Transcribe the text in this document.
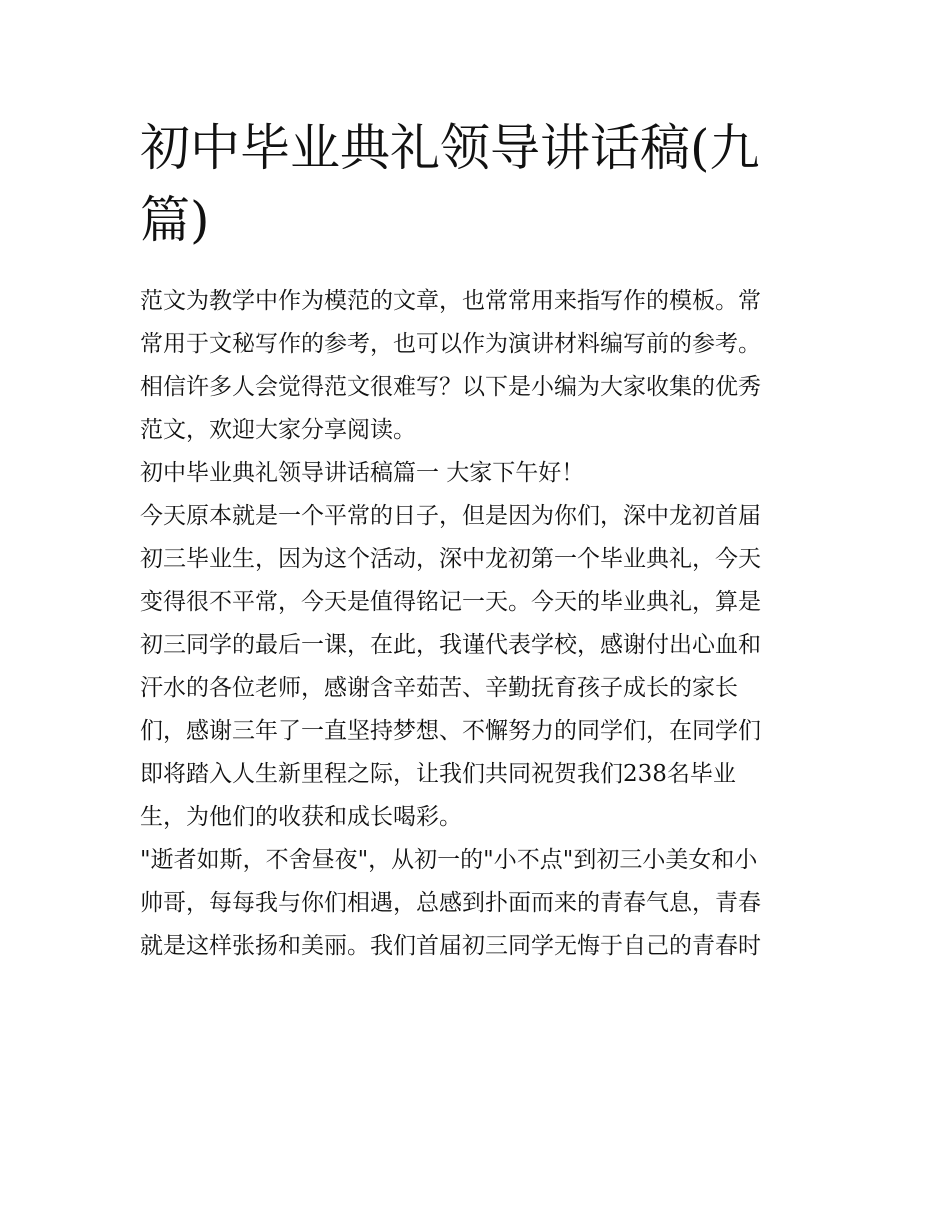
初中毕业典礼领导讲话稿(九
篇)

范文为教学中作为模范的文章，也常常用来指写作的模板。常

常用于文秘写作的参考，也可以作为演讲材料编写前的参考。

相信许多人会觉得范文很难写？以下是小编为大家收集的优秀

范文，欢迎大家分享阅读。

初中毕业典礼领导讲话稿篇一 大家下午好！

今天原本就是一个平常的日子，但是因为你们，深中龙初首届

初三毕业生，因为这个活动，深中龙初第一个毕业典礼，今天

变得很不平常，今天是值得铭记一天。今天的毕业典礼，算是

初三同学的最后一课，在此，我谨代表学校，感谢付出心血和

汗水的各位老师，感谢含辛茹苦、辛勤抚育孩子成长的家长

们，感谢三年了一直坚持梦想、不懈努力的同学们，在同学们

即将踏入人生新里程之际，让我们共同祝贺我们238名毕业

生，为他们的收获和成长喝彩。

"逝者如斯，不舍昼夜"，从初一的"小不点"到初三小美女和小

帅哥，每每我与你们相遇，总感到扑面而来的青春气息，青春

就是这样张扬和美丽。我们首届初三同学无悔于自己的青春时
